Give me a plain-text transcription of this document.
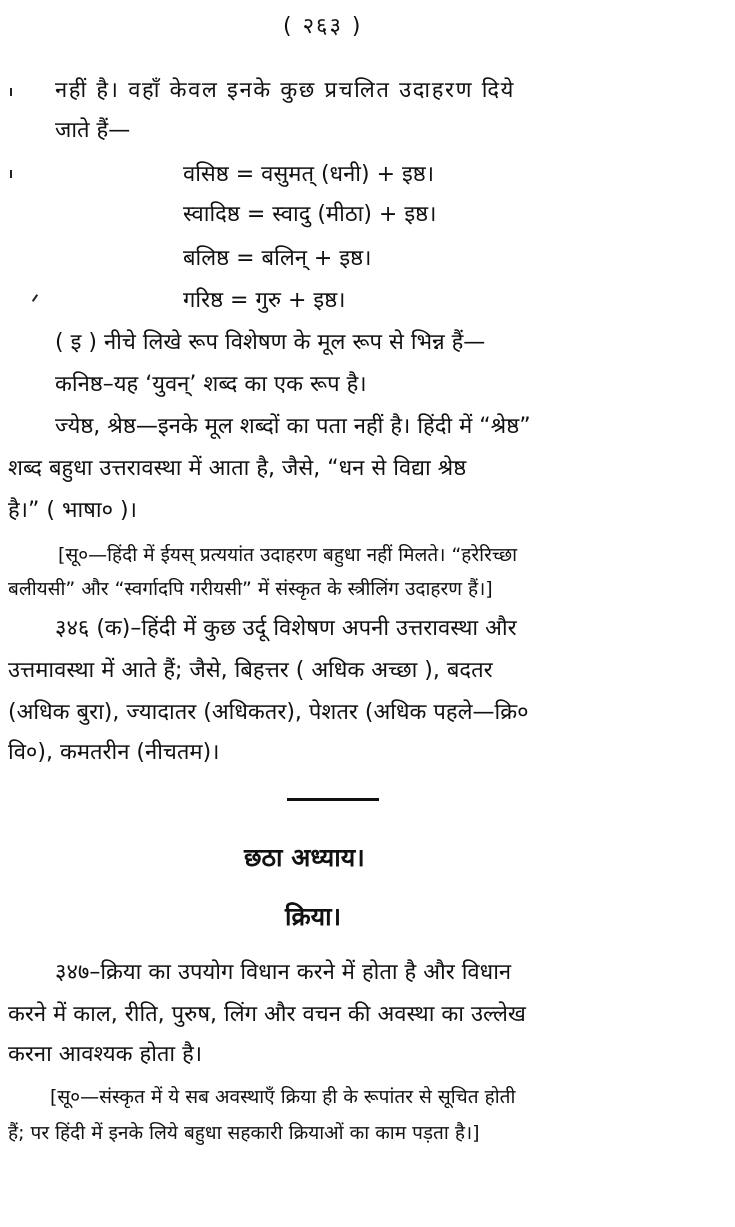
( २६३ )
नहीं है। वहाँ केवल इनके कुछ प्रचलित उदाहरण दिये
जाते हैं—
वसिष्ठ = वसुमत् (धनी) + इष्ठ।
स्वादिष्ठ = स्वादु (मीठा) + इष्ठ।
बलिष्ठ = बलिन् + इष्ठ।
गरिष्ठ = गुरु + इष्ठ।
( इ ) नीचे लिखे रूप विशेषण के मूल रूप से भिन्न हैं—
कनिष्ठ–यह ‘युवन्’ शब्द का एक रूप है।
ज्येष्ठ, श्रेष्ठ—इनके मूल शब्दों का पता नहीं है। हिंदी में “श्रेष्ठ”
शब्द बहुधा उत्तरावस्था में आता है, जैसे, “धन से विद्या श्रेष्ठ
है।” ( भाषा० )।
[सू०—हिंदी में ईयस् प्रत्ययांत उदाहरण बहुधा नहीं मिलते। “हरेरिच्छा
बलीयसी” और “स्वर्गादपि गरीयसी” में संस्कृत के स्त्रीलिंग उदाहरण हैं।]
३४६ (क)–हिंदी में कुछ उर्दू विशेषण अपनी उत्तरावस्था और
उत्तमावस्था में आते हैं; जैसे, बिहत्तर ( अधिक अच्छा ), बदतर
(अधिक बुरा), ज्यादातर (अधिकतर), पेशतर (अधिक पहले—क्रि०
वि०), कमतरीन (नीचतम)।
छठा अध्याय।
क्रिया।
३४७–क्रिया का उपयोग विधान करने में होता है और विधान
करने में काल, रीति, पुरुष, लिंग और वचन की अवस्था का उल्लेख
करना आवश्यक होता है।
[सू०—संस्कृत में ये सब अवस्थाएँ क्रिया ही के रूपांतर से सूचित होती
हैं; पर हिंदी में इनके लिये बहुधा सहकारी क्रियाओं का काम पड़ता है।]
